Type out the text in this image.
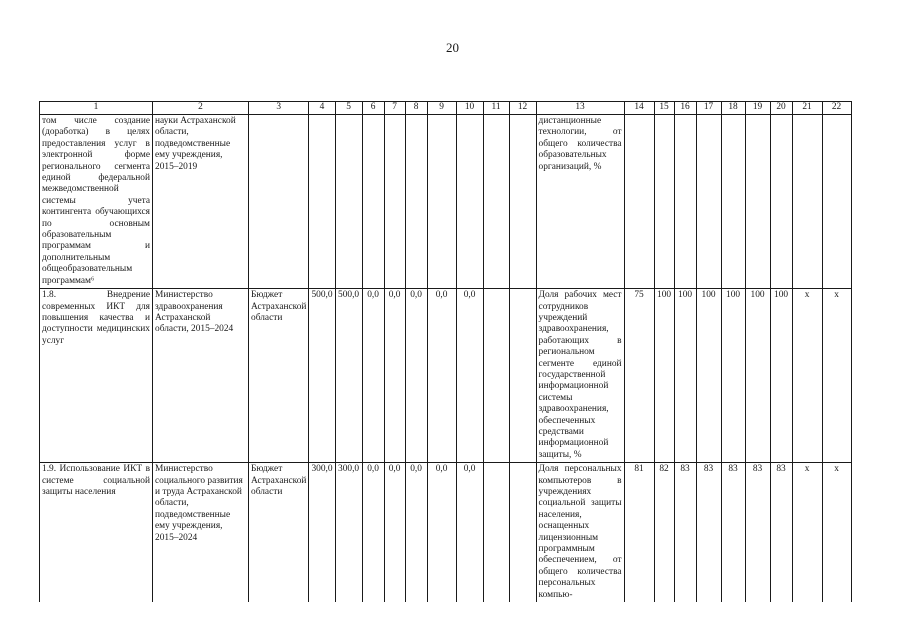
20
1	2	3	4	5	6	7	8	9	10	11	12	13	14	15	16	17	18	19	20	21	22
том числе создание (доработка) в целях предоставления услуг в электронной форме регионального сегмента единой федеральной межведомственной системы учета контингента обучающихся по основным образовательным программам и дополнительным общеобразовательным программам⁶	науки Астраханской области, подведомственные ему учреждения, 2015–2019											дистанционные технологии, от общего количества образовательных организаций, %									
1.8. Внедрение современных ИКТ для повышения качества и доступности медицинских услуг	Министерство здравоохранения Астраханской области, 2015–2024	Бюджет Астраханской области	500,0	500,0	0,0	0,0	0,0	0,0	0,0			Доля рабочих мест сотрудников учреждений здравоохранения, работающих в региональном сегменте единой государственной информационной системы здравоохранения, обеспеченных средствами информационной защиты, %	75	100	100	100	100	100	100	х	х
1.9. Использование ИКТ в системе социальной защиты населения	Министерство социального развития и труда Астраханской области, подведомственные ему учреждения, 2015–2024	Бюджет Астраханской области	300,0	300,0	0,0	0,0	0,0	0,0	0,0			Доля персональных компьютеров в учреждениях социальной защиты населения, оснащенных лицензионным программным обеспечением, от общего количества персональных компью-	81	82	83	83	83	83	83	х	х
